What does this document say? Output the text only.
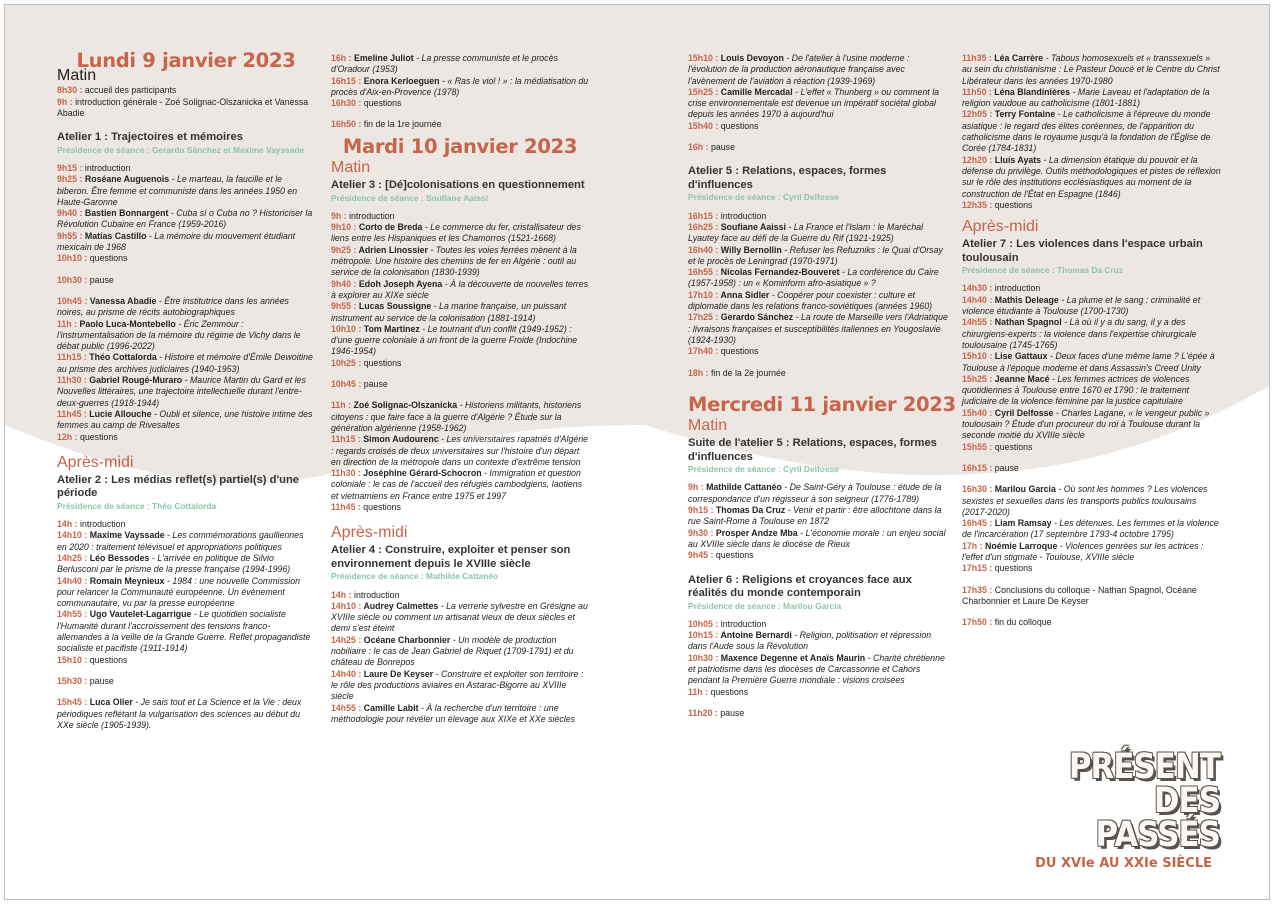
Lundi 9 janvier 2023
Matin
8h30 : accueil des participants
9h : introduction générale - Zoé Solignac-Olszanicka et Vanessa Abadie
Atelier 1 : Trajectoires et mémoires
Présidence de séance : Gerardo Sánchez et Maxime Vayssade
9h15 : introduction
9h25 : Roséane Auguenois - Le marteau, la faucille et le biberon. Être femme et communiste dans les années 1950 en Haute-Garonne
9h40 : Bastien Bonnargent - Cuba sí o Cuba no ? Historiciser la Révolution Cubaine en France (1959-2016)
9h55 : Matías Castillo - La mémoire du mouvement étudiant mexicain de 1968
10h10 : questions
10h30 : pause
10h45 : Vanessa Abadie - Être institutrice dans les années noires, au prisme de récits autobiographiques
11h : Paolo Luca-Montebello - Éric Zemmour : l'instrumentalisation de la mémoire du régime de Vichy dans le débat public (1996-2022)
11h15 : Théo Cottalorda - Histoire et mémoire d'Émile Dewoitine au prisme des archives judiciaires (1940-1953)
11h30 : Gabriel Rougé-Muraro - Maurice Martin du Gard et les Nouvelles littéraires, une trajectoire intellectuelle durant l'entre-deux-guerres (1918-1944)
11h45 : Lucie Allouche - Oubli et silence, une histoire intime des femmes au camp de Rivesaltes
12h : questions
Après-midi
Atelier 2 : Les médias reflet(s) partiel(s) d'une période
Présidence de séance : Théo Cottalorda
14h : introduction
14h10 : Maxime Vayssade - Les commémorations gaulliennes en 2020 : traitement télévisuel et appropriations politiques
14h25 : Léo Bessodes - L'arrivée en politique de Silvio Berlusconi par le prisme de la presse française (1994-1996)
14h40 : Romain Meynieux - 1984 : une nouvelle Commission pour relancer la Communauté européenne. Un évènement communautaire, vu par la presse européenne
14h55 : Ugo Vautelet-Lagarrigue - Le quotidien socialiste l'Humanité durant l'accroissement des tensions franco-allemandes à la veille de la Grande Guerre. Reflet propagandiste socialiste et pacifiste (1911-1914)
15h10 : questions
15h30 : pause
15h45 : Luca Olier - Je sais tout et La Science et la Vie : deux périodiques reflétant la vulgarisation des sciences au début du XXe siècle (1905-1939).
16h : Emeline Juliot - La presse communiste et le procès d'Oradour (1953)
16h15 : Enora Kerloeguen - « Ras le viol ! » : la médiatisation du procès d'Aix-en-Provence (1978)
16h30 : questions
16h50 : fin de la 1re journée
Mardi 10 janvier 2023
Matin
Atelier 3 : [Dé]colonisations en questionnement
Présidence de séance : Soufiane Aaissi
9h : introduction
9h10 : Corto de Breda - Le commerce du fer, cristallisateur des liens entre les Hispaniques et les Chamorros (1521-1668)
9h25 : Adrien Linossier - Toutes les voies ferrées mènent à la métropole. Une histoire des chemins de fer en Algérie : outil au service de la colonisation (1830-1939)
9h40 : Edoh Joseph Ayena - À la découverte de nouvelles terres à explorer au XIXe siècle
9h55 : Lucas Soussigne - La marine française, un puissant instrument au service de la colonisation (1881-1914)
10h10 : Tom Martinez - Le tournant d'un conflit (1949-1952) : d'une guerre coloniale à un front de la guerre Froide (Indochine 1946-1954)
10h25 : questions
10h45 : pause
11h : Zoé Solignac-Olszanicka - Historiens militants, historiens citoyens : que faire face à la guerre d'Algérie ? Étude sur la génération algérienne (1958-1962)
11h15 : Simon Audourenc - Les universitaires rapatriés d'Algérie : regards croisés de deux universitaires sur l'histoire d'un départ en direction de la métropole dans un contexte d'extrême tension
11h30 : Joséphine Gérard-Schocron - Immigration et question coloniale : le cas de l'accueil des réfugiés cambodgiens, laotiens et vietnamiens en France entre 1975 et 1997
11h45 : questions
Après-midi
Atelier 4 : Construire, exploiter et penser son environnement depuis le XVIIIe siècle
Présidence de séance : Mathilde Cattanéo
14h : introduction
14h10 : Audrey Calmettes - La verrerie sylvestre en Grésigne au XVIIIe siècle ou comment un artisanat vieux de deux siècles et demi s'est éteint
14h25 : Océane Charbonnier - Un modèle de production nobiliaire : le cas de Jean Gabriel de Riquet (1709-1791) et du château de Bonrepos
14h40 : Laure De Keyser - Construire et exploiter son territoire : le rôle des productions aviaires en Astarac-Bigorre au XVIIIe siècle
14h55 : Camille Labit - À la recherche d'un territoire : une méthodologie pour révéler un élevage aux XIXe et XXe siècles
15h10 : Louis Devoyon - De l'atelier à l'usine moderne : l'évolution de la production aéronautique française avec l'avènement de l'aviation à réaction (1939-1969)
15h25 : Camille Mercadal - L'effet « Thunberg » ou comment la crise environnementale est devenue un impératif sociétal global depuis les années 1970 à aujourd'hui
15h40 : questions
16h : pause
Atelier 5 : Relations, espaces, formes d'influences
Présidence de séance : Cyril Delfosse
16h15 : introduction
16h25 : Soufiane Aaissi - La France et l'Islam : le Maréchal Lyautey face au défi de la Guerre du Rif (1921-1925)
16h40 : Willy Bernollin - Refuser les Refuzniks : le Quai d'Orsay et le procès de Leningrad (1970-1971)
16h55 : Nicolas Fernandez-Bouveret - La conférence du Caire (1957-1958) : un « Kominform afro-asiatique » ?
17h10 : Anna Sidler - Coopérer pour coexister : culture et diplomatie dans les relations franco-soviétiques (années 1960)
17h25 : Gerardo Sánchez - La route de Marseille vers l'Adriatique : livraisons françaises et susceptibilités italiennes en Yougoslavie (1924-1930)
17h40 : questions
18h : fin de la 2e journée
Mercredi 11 janvier 2023
Matin
Suite de l'atelier 5 : Relations, espaces, formes d'influences
Présidence de séance : Cyril Delfosse
9h : Mathilde Cattanéo - De Saint-Géry à Toulouse : étude de la correspondance d'un régisseur à son seigneur (1776-1789)
9h15 : Thomas Da Cruz - Venir et partir : être allochtone dans la rue Saint-Rome à Toulouse en 1872
9h30 : Prosper Andze Mba - L'économie morale : un enjeu social au XVIIIe siècle dans le diocèse de Rieux
9h45 : questions
Atelier 6 : Religions et croyances face aux réalités du monde contemporain
Présidence de séance : Marilou Garcia
10h05 : introduction
10h15 : Antoine Bernardi - Religion, politisation et répression dans l'Aude sous la Révolution
10h30 : Maxence Degenne et Anaïs Maurin - Charité chrétienne et patriotisme dans les diocèses de Carcassonne et Cahors pendant la Première Guerre mondiale : visions croisées
11h : questions
11h20 : pause
11h35 : Léa Carrère - Tabous homosexuels et « transsexuels » au sein du christianisme : Le Pasteur Doucé et le Centre du Christ Libérateur dans les années 1970-1980
11h50 : Léna Blandinières - Marie Laveau et l'adaptation de la religion vaudoue au catholicisme (1801-1881)
12h05 : Terry Fontaine - Le catholicisme à l'épreuve du monde asiatique : le regard des élites coréennes, de l'apparition du catholicisme dans le royaume jusqu'à la fondation de l'Église de Corée (1784-1831)
12h20 : Lluís Ayats - La dimension étatique du pouvoir et la défense du privilège. Outils méthodologiques et pistes de réflexion sur le rôle des institutions ecclésiastiques au moment de la construction de l'État en Espagne (1846)
12h35 : questions
Après-midi
Atelier 7 : Les violences dans l'espace urbain toulousain
Présidence de séance : Thomas Da Cruz
14h30 : introduction
14h40 : Mathis Deleage - La plume et le sang : criminalité et violence étudiante à Toulouse (1700-1730)
14h55 : Nathan Spagnol - Là où il y a du sang, il y a des chirurgiens-experts : la violence dans l'expertise chirurgicale toulousaine (1745-1765)
15h10 : Lise Gattaux - Deux faces d'une même lame ? L'épée à Toulouse à l'époque moderne et dans Assassin's Creed Unity
15h25 : Jeanne Macé - Les femmes actrices de violences quotidiennes à Toulouse entre 1670 et 1790 : le traitement judiciaire de la violence féminine par la justice capitulaire
15h40 : Cyril Delfosse - Charles Lagane, « le vengeur public » toulousain ? Étude d'un procureur du roi à Toulouse durant la seconde moitié du XVIIIe siècle
15h55 : questions
16h15 : pause
16h30 : Marilou Garcia - Où sont les hommes ? Les violences sexistes et sexuelles dans les transports publics toulousains (2017-2020)
16h45 : Liam Ramsay - Les détenues. Les femmes et la violence de l'incarcération (17 septembre 1793-4 octobre 1795)
17h : Noémie Larroque - Violences genrées sur les actrices : l'effet d'un stigmate - Toulouse, XVIIIe siècle
17h15 : questions
17h35 : Conclusions du colloque - Nathan Spagnol, Océane Charbonnier et Laure De Keyser
17h50 : fin du colloque
PRÉSENT
DES PASSÉS
DU XVIe AU XXIe SIÈCLE
